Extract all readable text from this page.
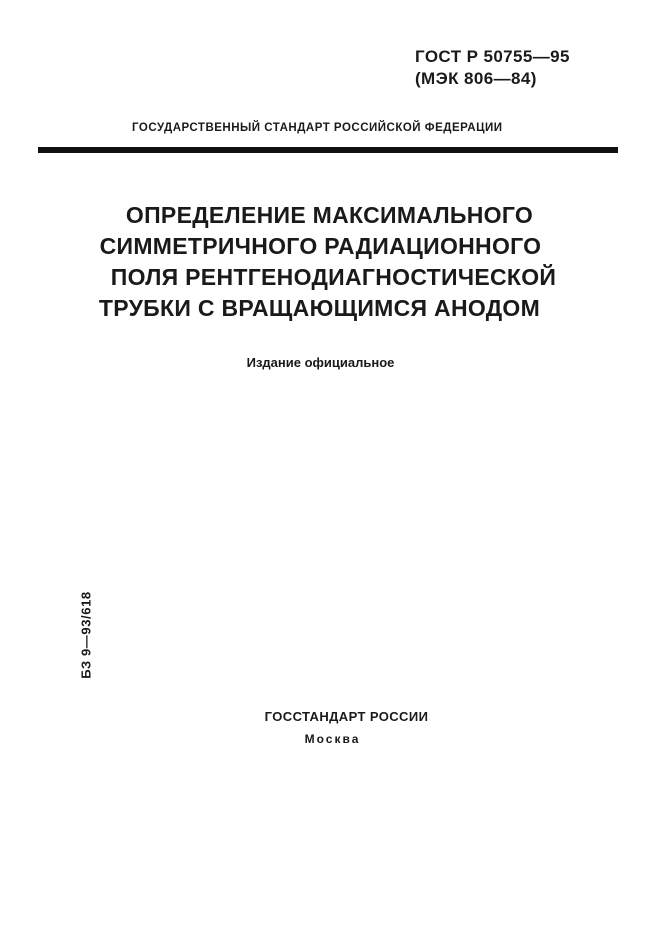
ГОСТ Р 50755—95
(МЭК 806—84)
ГОСУДАРСТВЕННЫЙ СТАНДАРТ РОССИЙСКОЙ ФЕДЕРАЦИИ
ОПРЕДЕЛЕНИЕ МАКСИМАЛЬНОГО
СИММЕТРИЧНОГО РАДИАЦИОННОГО
ПОЛЯ РЕНТГЕНОДИАГНОСТИЧЕСКОЙ
ТРУБКИ С ВРАЩАЮЩИМСЯ АНОДОМ
Издание официальное
БЗ 9—93/618
ГОССТАНДАРТ РОССИИ
Москва
